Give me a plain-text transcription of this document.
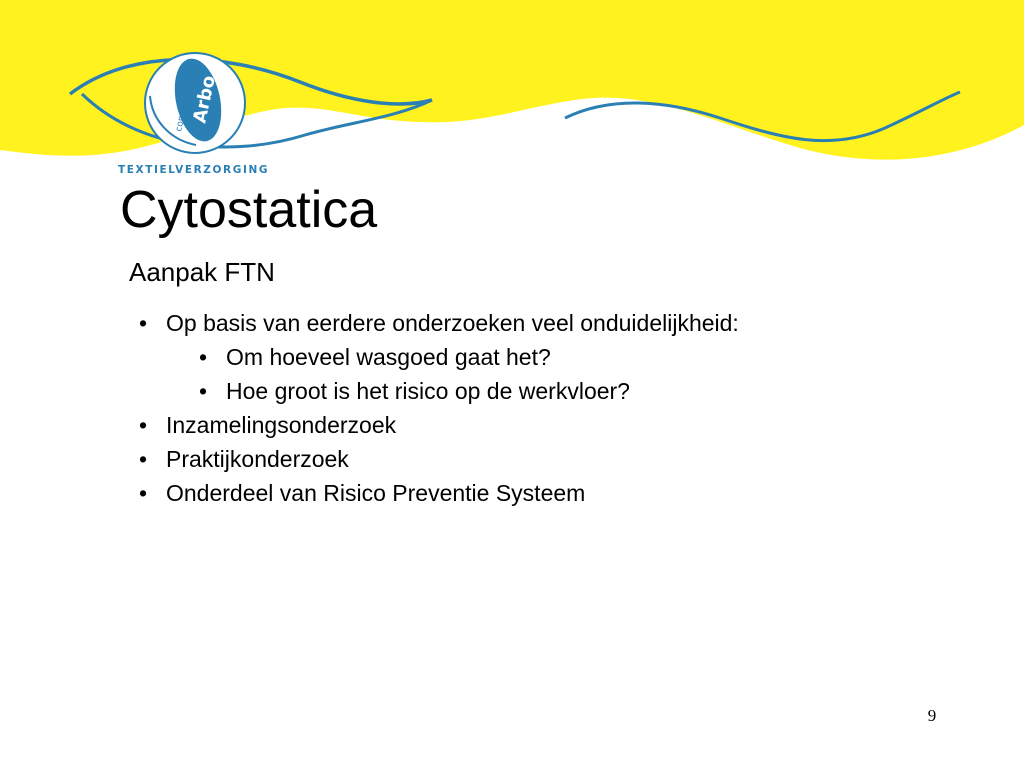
Arbo
convenant
TEXTIELVERZORGING
Cytostatica
Aanpak FTN
• Op basis van eerdere onderzoeken veel onduidelijkheid:
• Om hoeveel wasgoed gaat het?
• Hoe groot is het risico op de werkvloer?
• Inzamelingsonderzoek
• Praktijkonderzoek
• Onderdeel van Risico Preventie Systeem
9
